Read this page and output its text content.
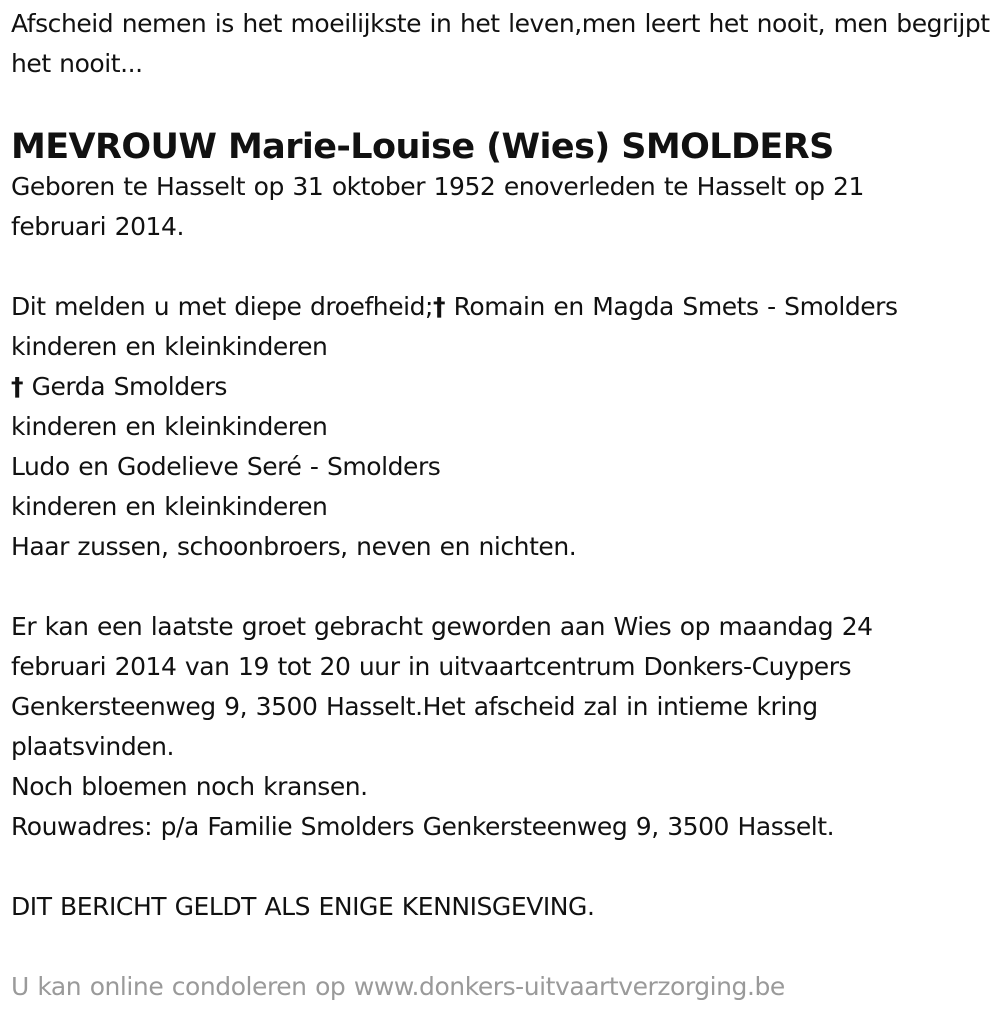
Afscheid nemen is het moeilijkste in het leven,men leert het nooit, men begrijpt het nooit...

MEVROUW Marie-Louise (Wies) SMOLDERS

Geboren te Hasselt op 31 oktober 1952 enoverleden te Hasselt op 21

februari 2014.

Dit melden u met diepe droefheid;† Romain en Magda Smets - Smolders

kinderen en kleinkinderen

† Gerda Smolders

kinderen en kleinkinderen

Ludo en Godelieve Seré - Smolders

kinderen en kleinkinderen

Haar zussen, schoonbroers, neven en nichten.

Er kan een laatste groet gebracht geworden aan Wies op maandag 24

februari 2014 van 19 tot 20 uur in uitvaartcentrum Donkers-Cuypers

Genkersteenweg 9, 3500 Hasselt.Het afscheid zal in intieme kring

plaatsvinden.

Noch bloemen noch kransen.

Rouwadres: p/a Familie Smolders Genkersteenweg 9, 3500 Hasselt.

DIT BERICHT GELDT ALS ENIGE KENNISGEVING.

U kan online condoleren op www.donkers-uitvaartverzorging.be
